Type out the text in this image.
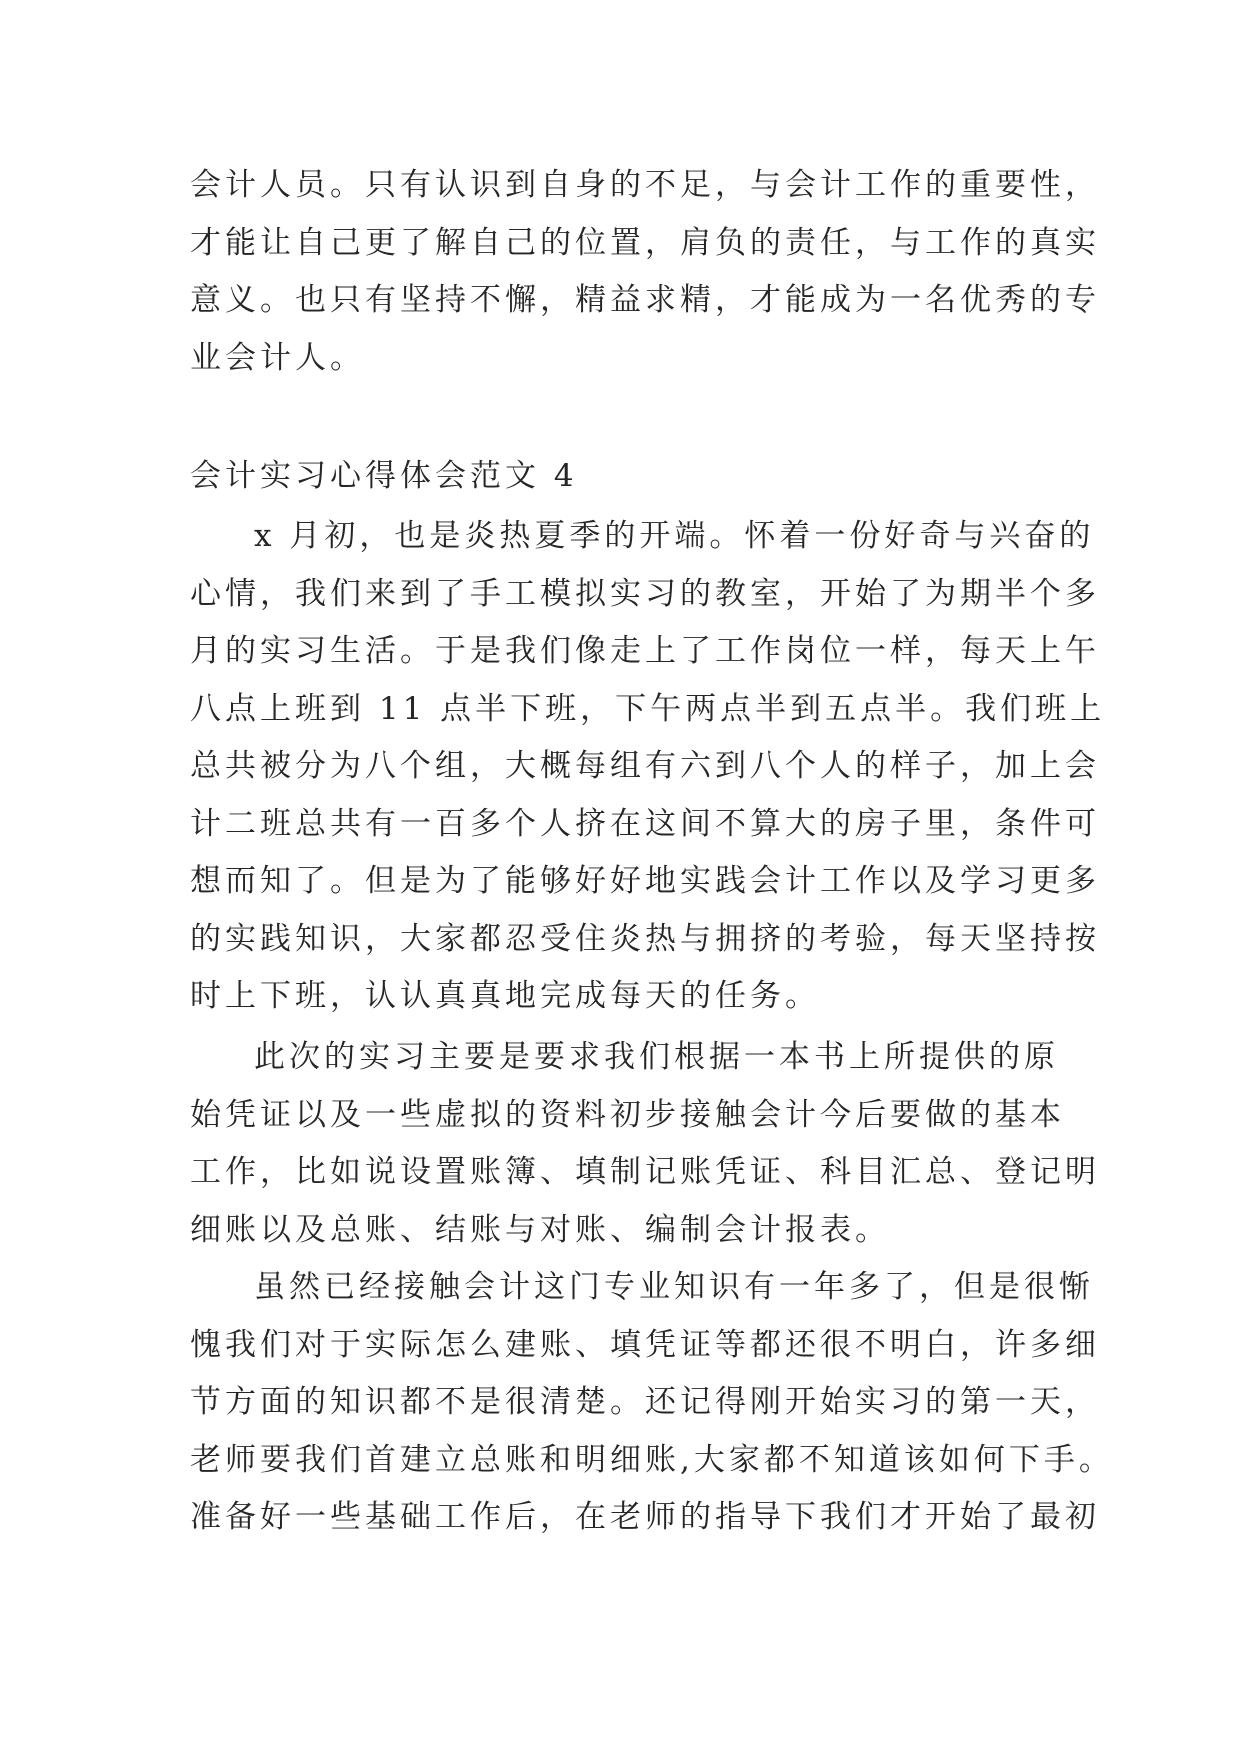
会计人员。只有认识到自身的不足，与会计工作的重要性，
才能让自己更了解自己的位置，肩负的责任，与工作的真实
意义。也只有坚持不懈，精益求精，才能成为一名优秀的专
业会计人。
会计实习心得体会范文 4
x 月初，也是炎热夏季的开端。怀着一份好奇与兴奋的
心情，我们来到了手工模拟实习的教室，开始了为期半个多
月的实习生活。于是我们像走上了工作岗位一样，每天上午
八点上班到 11 点半下班，下午两点半到五点半。我们班上
总共被分为八个组，大概每组有六到八个人的样子，加上会
计二班总共有一百多个人挤在这间不算大的房子里，条件可
想而知了。但是为了能够好好地实践会计工作以及学习更多
的实践知识，大家都忍受住炎热与拥挤的考验，每天坚持按
时上下班，认认真真地完成每天的任务。
此次的实习主要是要求我们根据一本书上所提供的原
始凭证以及一些虚拟的资料初步接触会计今后要做的基本
工作，比如说设置账簿、填制记账凭证、科目汇总、登记明
细账以及总账、结账与对账、编制会计报表。
虽然已经接触会计这门专业知识有一年多了，但是很惭
愧我们对于实际怎么建账、填凭证等都还很不明白，许多细
节方面的知识都不是很清楚。还记得刚开始实习的第一天，
老师要我们首建立总账和明细账,大家都不知道该如何下手。
准备好一些基础工作后，在老师的指导下我们才开始了最初
